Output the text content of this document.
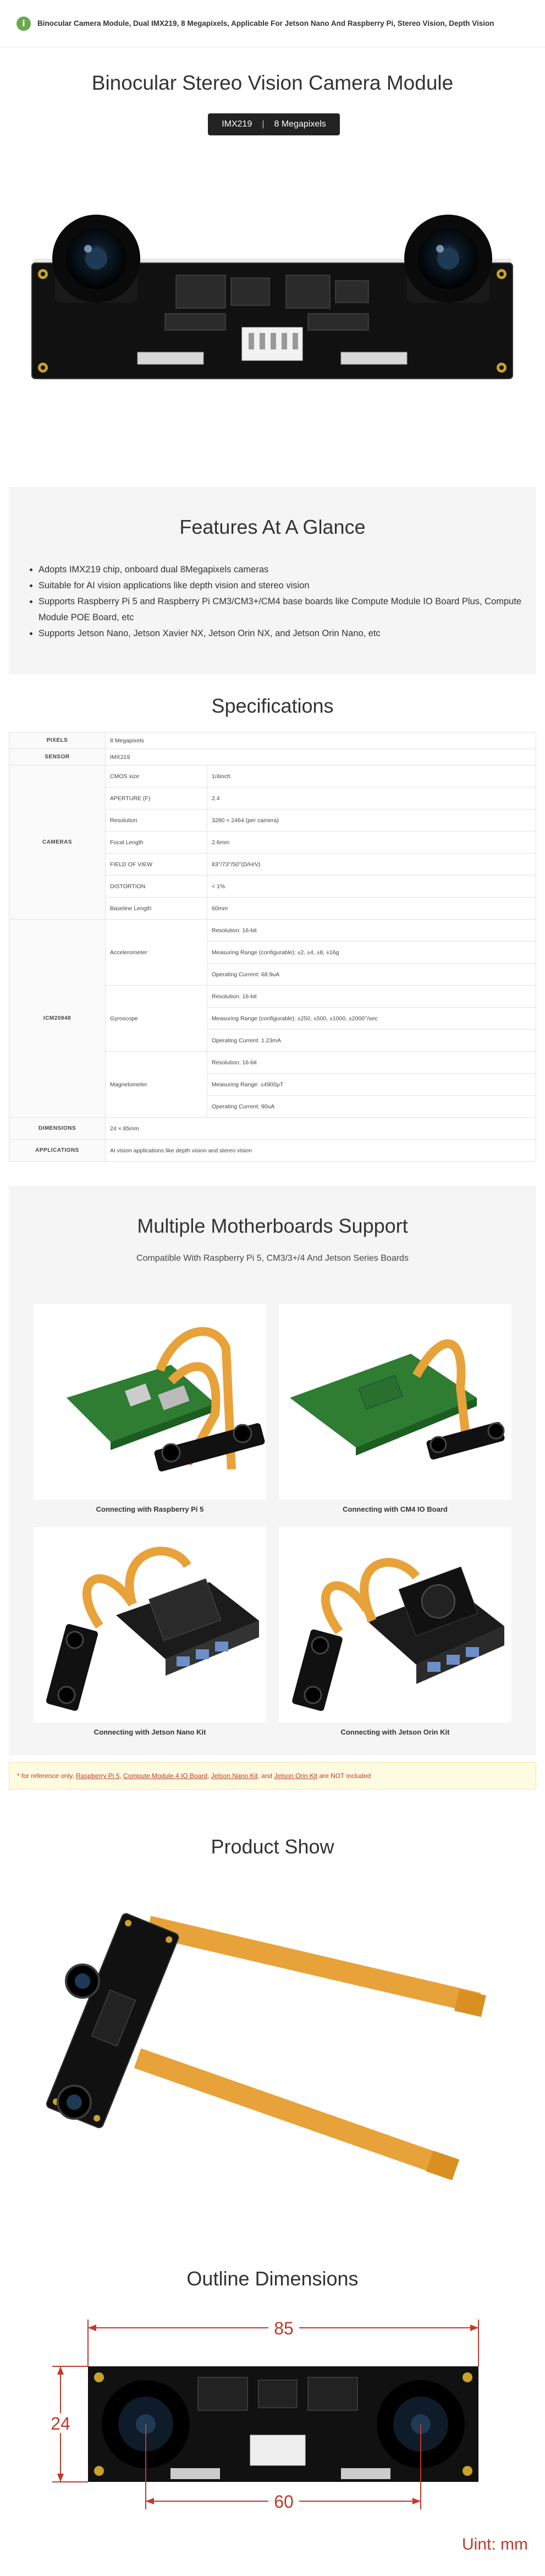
i	Binocular Camera Module, Dual IMX219, 8 Megapixels, Applicable For Jetson Nano And Raspberry Pi, Stereo Vision, Depth Vision
Binocular Stereo Vision Camera Module
IMX219 | 8 Megapixels
Features At A Glance
Adopts IMX219 chip, onboard dual 8Megapixels cameras
Suitable for AI vision applications like depth vision and stereo vision
Supports Raspberry Pi 5 and Raspberry Pi CM3/CM3+/CM4 base boards like Compute Module IO Board Plus, Compute Module POE Board, etc
Supports Jetson Nano, Jetson Xavier NX, Jetson Orin NX, and Jetson Orin Nano, etc
Specifications
PIXELS	8 Megapixels	
SENSOR	IMX219	
CAMERAS	CMOS size	1/4inch
	APERTURE (F)	2.4
	Resolution	3280 × 2464 (per camera)
	Focal Length	2.6mm
	FIELD OF VIEW	83°/73°/50°(D/H/V)
	DISTORTION	< 1%
	Baseline Length	60mm
ICM20948	Accelerometer	Resolution: 16-bit
		Measuring Range (configurable): ±2, ±4, ±8, ±16g
		Operating Current: 68.9uA
	Gyroscope	Resolution: 16-bit
		Measuring Range (configurable): ±250, ±500, ±1000, ±2000°/sec
		Operating Current: 1.23mA
	Magnetometer	Resolution: 16-bit
		Measuring Range: ±4900μT
		Operating Current: 90uA
DIMENSIONS	24 × 85mm	
APPLICATIONS	AI vision applications like depth vision and stereo vision	
Multiple Motherboards Support
Compatible With Raspberry Pi 5, CM3/3+/4 And Jetson Series Boards
Connecting with Raspberry Pi 5	Connecting with CM4 IO Board
Connecting with Jetson Nano Kit	Connecting with Jetson Orin Kit
* for reference only,
Raspberry Pi 5 ,
Compute Module 4 IO Board ,
Jetson Nano Kit , and
Jetson Orin Kit
are NOT included
Product Show
Outline Dimensions
85
24
60
Uint: mm
